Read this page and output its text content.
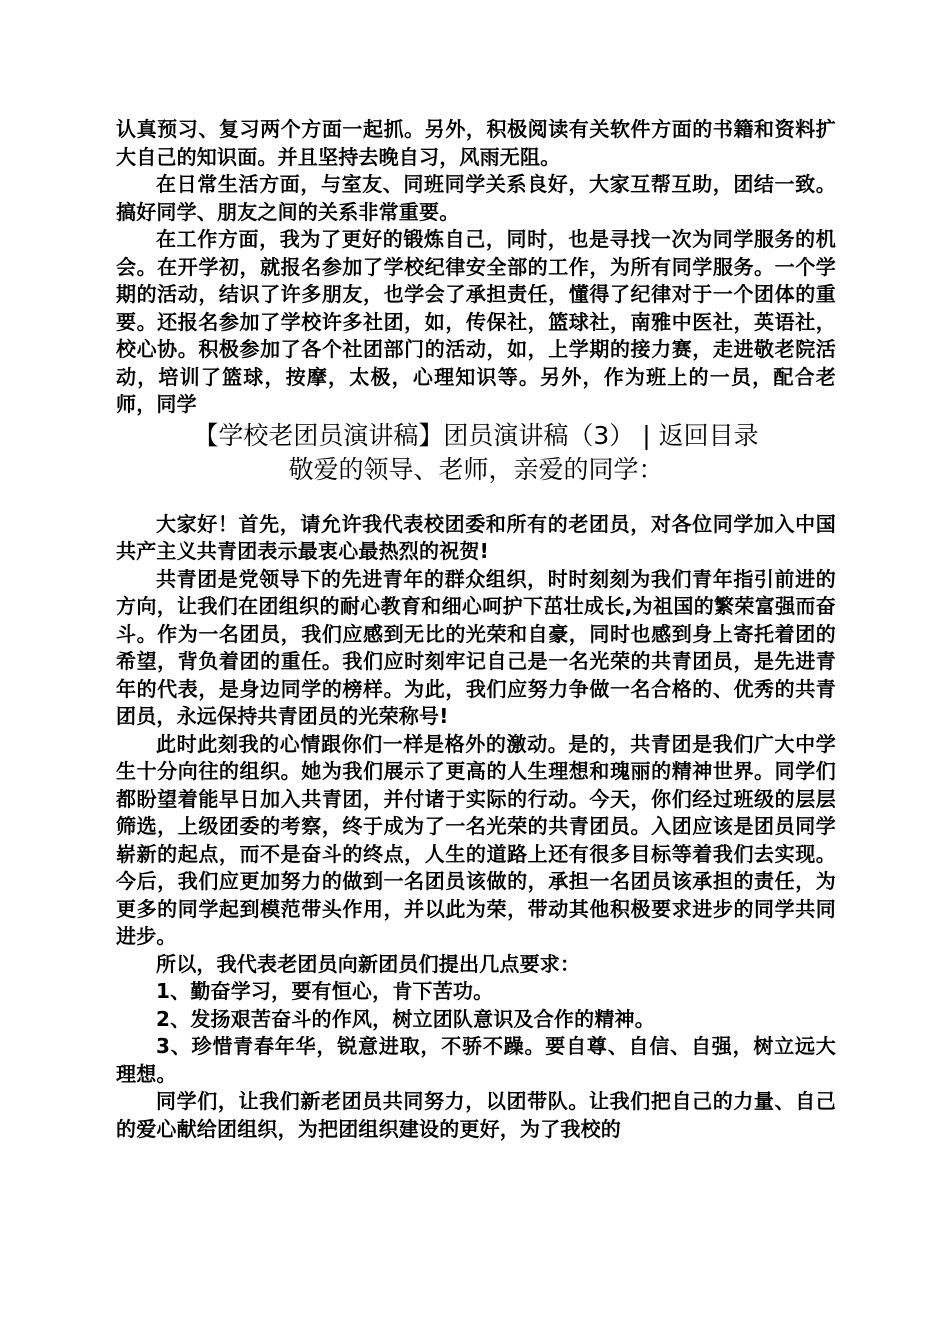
认真预习、复习两个方面一起抓。另外，积极阅读有关软件方面的书籍和资料扩大自己的知识面。并且坚持去晚自习，风雨无阻。

在日常生活方面，与室友、同班同学关系良好，大家互帮互助，团结一致。搞好同学、朋友之间的关系非常重要。

在工作方面，我为了更好的锻炼自己，同时，也是寻找一次为同学服务的机会。在开学初，就报名参加了学校纪律安全部的工作，为所有同学服务。一个学期的活动，结识了许多朋友，也学会了承担责任，懂得了纪律对于一个团体的重要。还报名参加了学校许多社团，如，传保社，篮球社，南雅中医社，英语社，校心协。积极参加了各个社团部门的活动，如，上学期的接力赛，走进敬老院活动，培训了篮球，按摩，太极，心理知识等。另外，作为班上的一员，配合老师，同学

【学校老团员演讲稿】团员演讲稿（3） | 返回目录

敬爱的领导、老师，亲爱的同学：

大家好！首先，请允许我代表校团委和所有的老团员，对各位同学加入中国共产主义共青团表示最衷心最热烈的祝贺!

共青团是党领导下的先进青年的群众组织，时时刻刻为我们青年指引前进的方向，让我们在团组织的耐心教育和细心呵护下茁壮成长,为祖国的繁荣富强而奋斗。作为一名团员，我们应感到无比的光荣和自豪，同时也感到身上寄托着团的希望，背负着团的重任。我们应时刻牢记自己是一名光荣的共青团员，是先进青年的代表，是身边同学的榜样。为此，我们应努力争做一名合格的、优秀的共青团员，永远保持共青团员的光荣称号!

此时此刻我的心情跟你们一样是格外的激动。是的，共青团是我们广大中学生十分向往的组织。她为我们展示了更高的人生理想和瑰丽的精神世界。同学们都盼望着能早日加入共青团，并付诸于实际的行动。今天，你们经过班级的层层筛选，上级团委的考察，终于成为了一名光荣的共青团员。入团应该是团员同学崭新的起点，而不是奋斗的终点，人生的道路上还有很多目标等着我们去实现。今后，我们应更加努力的做到一名团员该做的，承担一名团员该承担的责任，为更多的同学起到模范带头作用，并以此为荣，带动其他积极要求进步的同学共同进步。

所以，我代表老团员向新团员们提出几点要求：

1、勤奋学习，要有恒心，肯下苦功。

2、发扬艰苦奋斗的作风，树立团队意识及合作的精神。

3、珍惜青春年华，锐意进取，不骄不躁。要自尊、自信、自强，树立远大理想。

同学们，让我们新老团员共同努力，以团带队。让我们把自己的力量、自己的爱心献给团组织，为把团组织建设的更好，为了我校的
